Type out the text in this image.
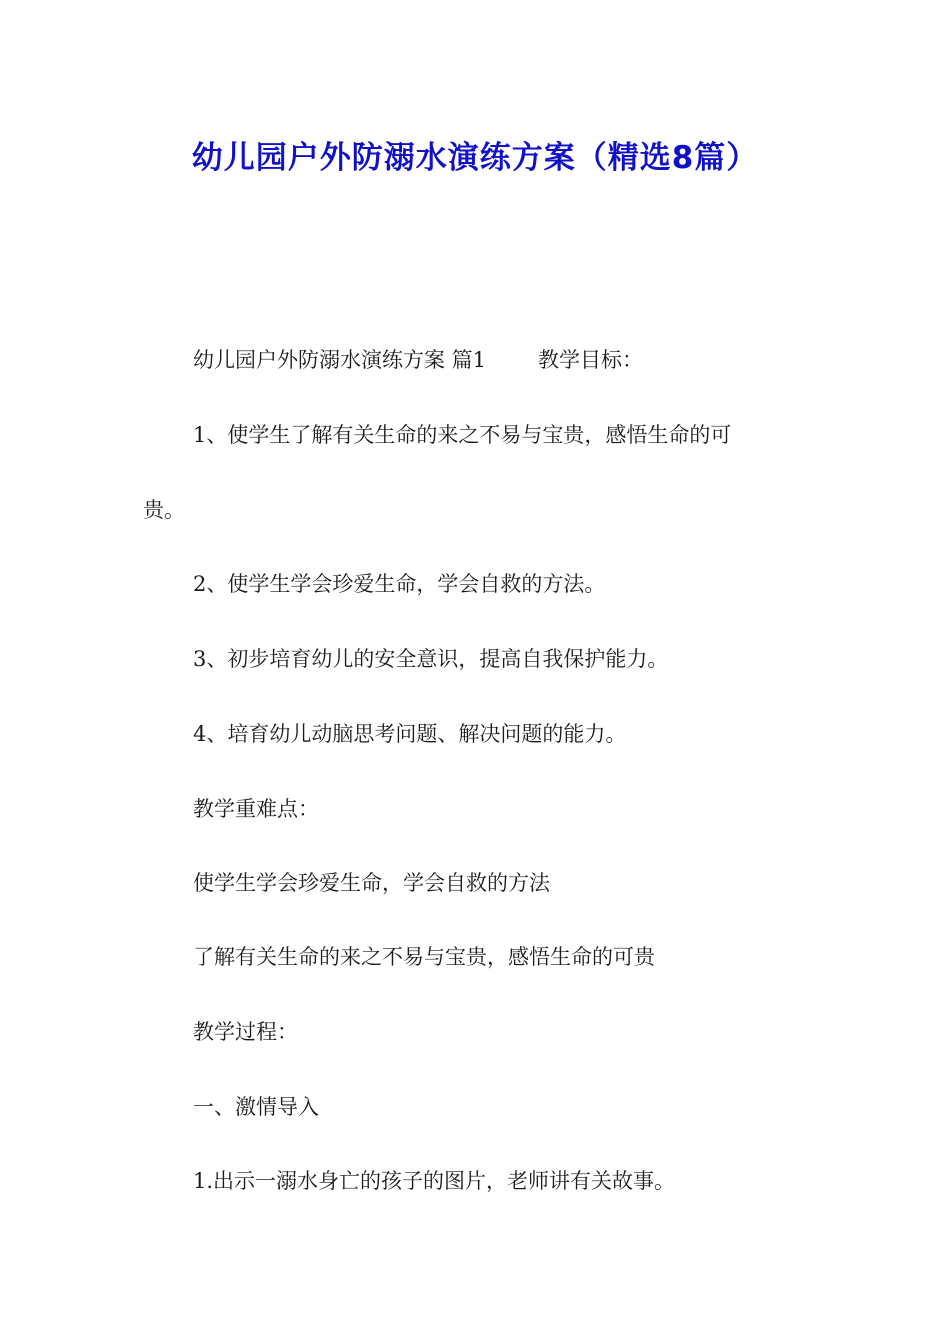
幼儿园户外防溺水演练方案（精选8篇）

幼儿园户外防溺水演练方案 篇1 教学目标：

1、使学生了解有关生命的来之不易与宝贵，感悟生命的可

贵。

2、使学生学会珍爱生命，学会自救的方法。

3、初步培育幼儿的安全意识，提高自我保护能力。

4、培育幼儿动脑思考问题、解决问题的能力。

教学重难点：

使学生学会珍爱生命，学会自救的方法

了解有关生命的来之不易与宝贵，感悟生命的可贵

教学过程：

一、激情导入

1.出示一溺水身亡的孩子的图片，老师讲有关故事。
